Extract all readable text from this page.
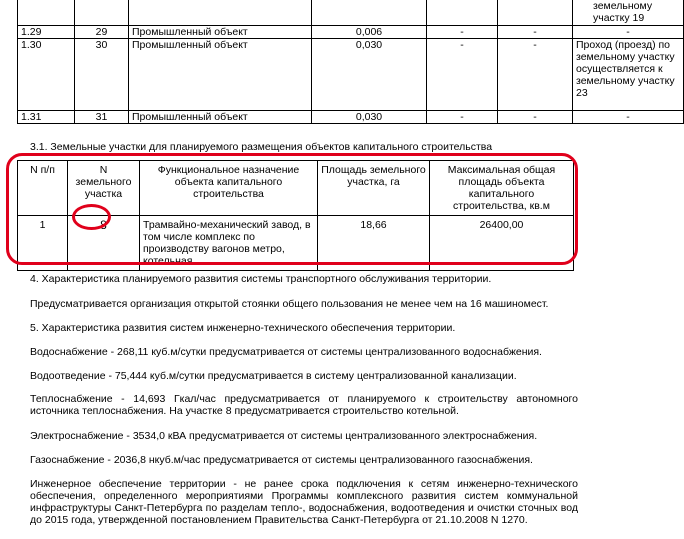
						земельному участку 19
1.29	29	Промышленный объект	0,006	-	-	-
1.30	30	Промышленный объект	0,030	-	-	Проход (проезд) по земельному участку осуществляется к земельному участку 23
1.31	31	Промышленный объект	0,030	-	-	-
3.1. Земельные участки для планируемого размещения объектов капитального строительства
N п/п	N земельного участка	Функциональное назначение объекта капитального строительства	Площадь земельного участка, га	Максимальная общая площадь объекта капитального строительства, кв.м
1	8	Трамвайно-механический завод, в том числе комплекс по производству вагонов метро, котельная	18,66	26400,00
4. Характеристика планируемого развития системы транспортного обслуживания территории.
Предусматривается организация открытой стоянки общего пользования не менее чем на 16 машиномест.
5. Характеристика развития систем инженерно-технического обеспечения территории.
Водоснабжение - 268,11 куб.м/сутки предусматривается от системы централизованного водоснабжения.
Водоотведение - 75,444 куб.м/сутки предусматривается в систему централизованной канализации.
Теплоснабжение - 14,693 Гкал/час предусматривается от планируемого к строительству автономного источника теплоснабжения. На участке 8 предусматривается строительство котельной.
Электроснабжение - 3534,0 кВА предусматривается от системы централизованного электроснабжения.
Газоснабжение - 2036,8 нкуб.м/час предусматривается от системы централизованного газоснабжения.
Инженерное обеспечение территории - не ранее срока подключения к сетям инженерно-технического обеспечения, определенного мероприятиями Программы комплексного развития систем коммунальной инфраструктуры Санкт-Петербурга по разделам тепло-, водоснабжения, водоотведения и очистки сточных вод до 2015 года, утвержденной постановлением Правительства Санкт-Петербурга от 21.10.2008 N 1270.
